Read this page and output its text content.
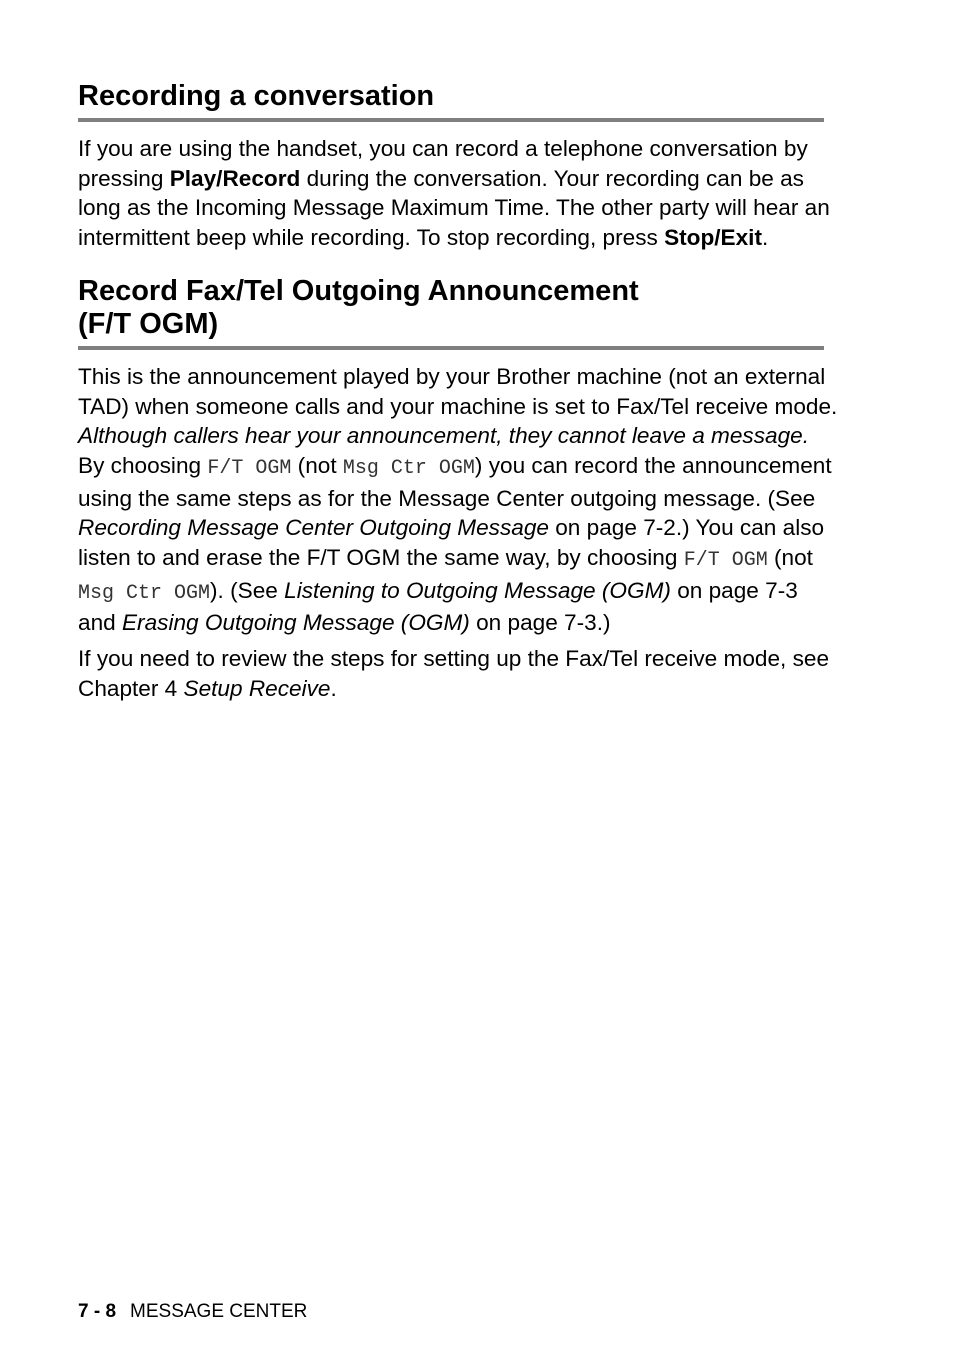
Recording a conversation

If you are using the handset, you can record a telephone conversation by pressing Play/Record during the conversation. Your recording can be as long as the Incoming Message Maximum Time. The other party will hear an intermittent beep while recording. To stop recording, press Stop/Exit.

Record Fax/Tel Outgoing Announcement
(F/T OGM)

This is the announcement played by your Brother machine (not an external TAD) when someone calls and your machine is set to Fax/Tel receive mode. Although callers hear your announcement, they cannot leave a message. By choosing F/T OGM (not Msg Ctr OGM) you can record the announcement using the same steps as for the Message Center outgoing message. (See Recording Message Center Outgoing Message on page 7-2.) You can also listen to and erase the F/T OGM the same way, by choosing F/T OGM (not Msg Ctr OGM). (See Listening to Outgoing Message (OGM) on page 7-3 and Erasing Outgoing Message (OGM) on page 7-3.)

If you need to review the steps for setting up the Fax/Tel receive mode, see Chapter 4 Setup Receive.

7 - 8 MESSAGE CENTER
